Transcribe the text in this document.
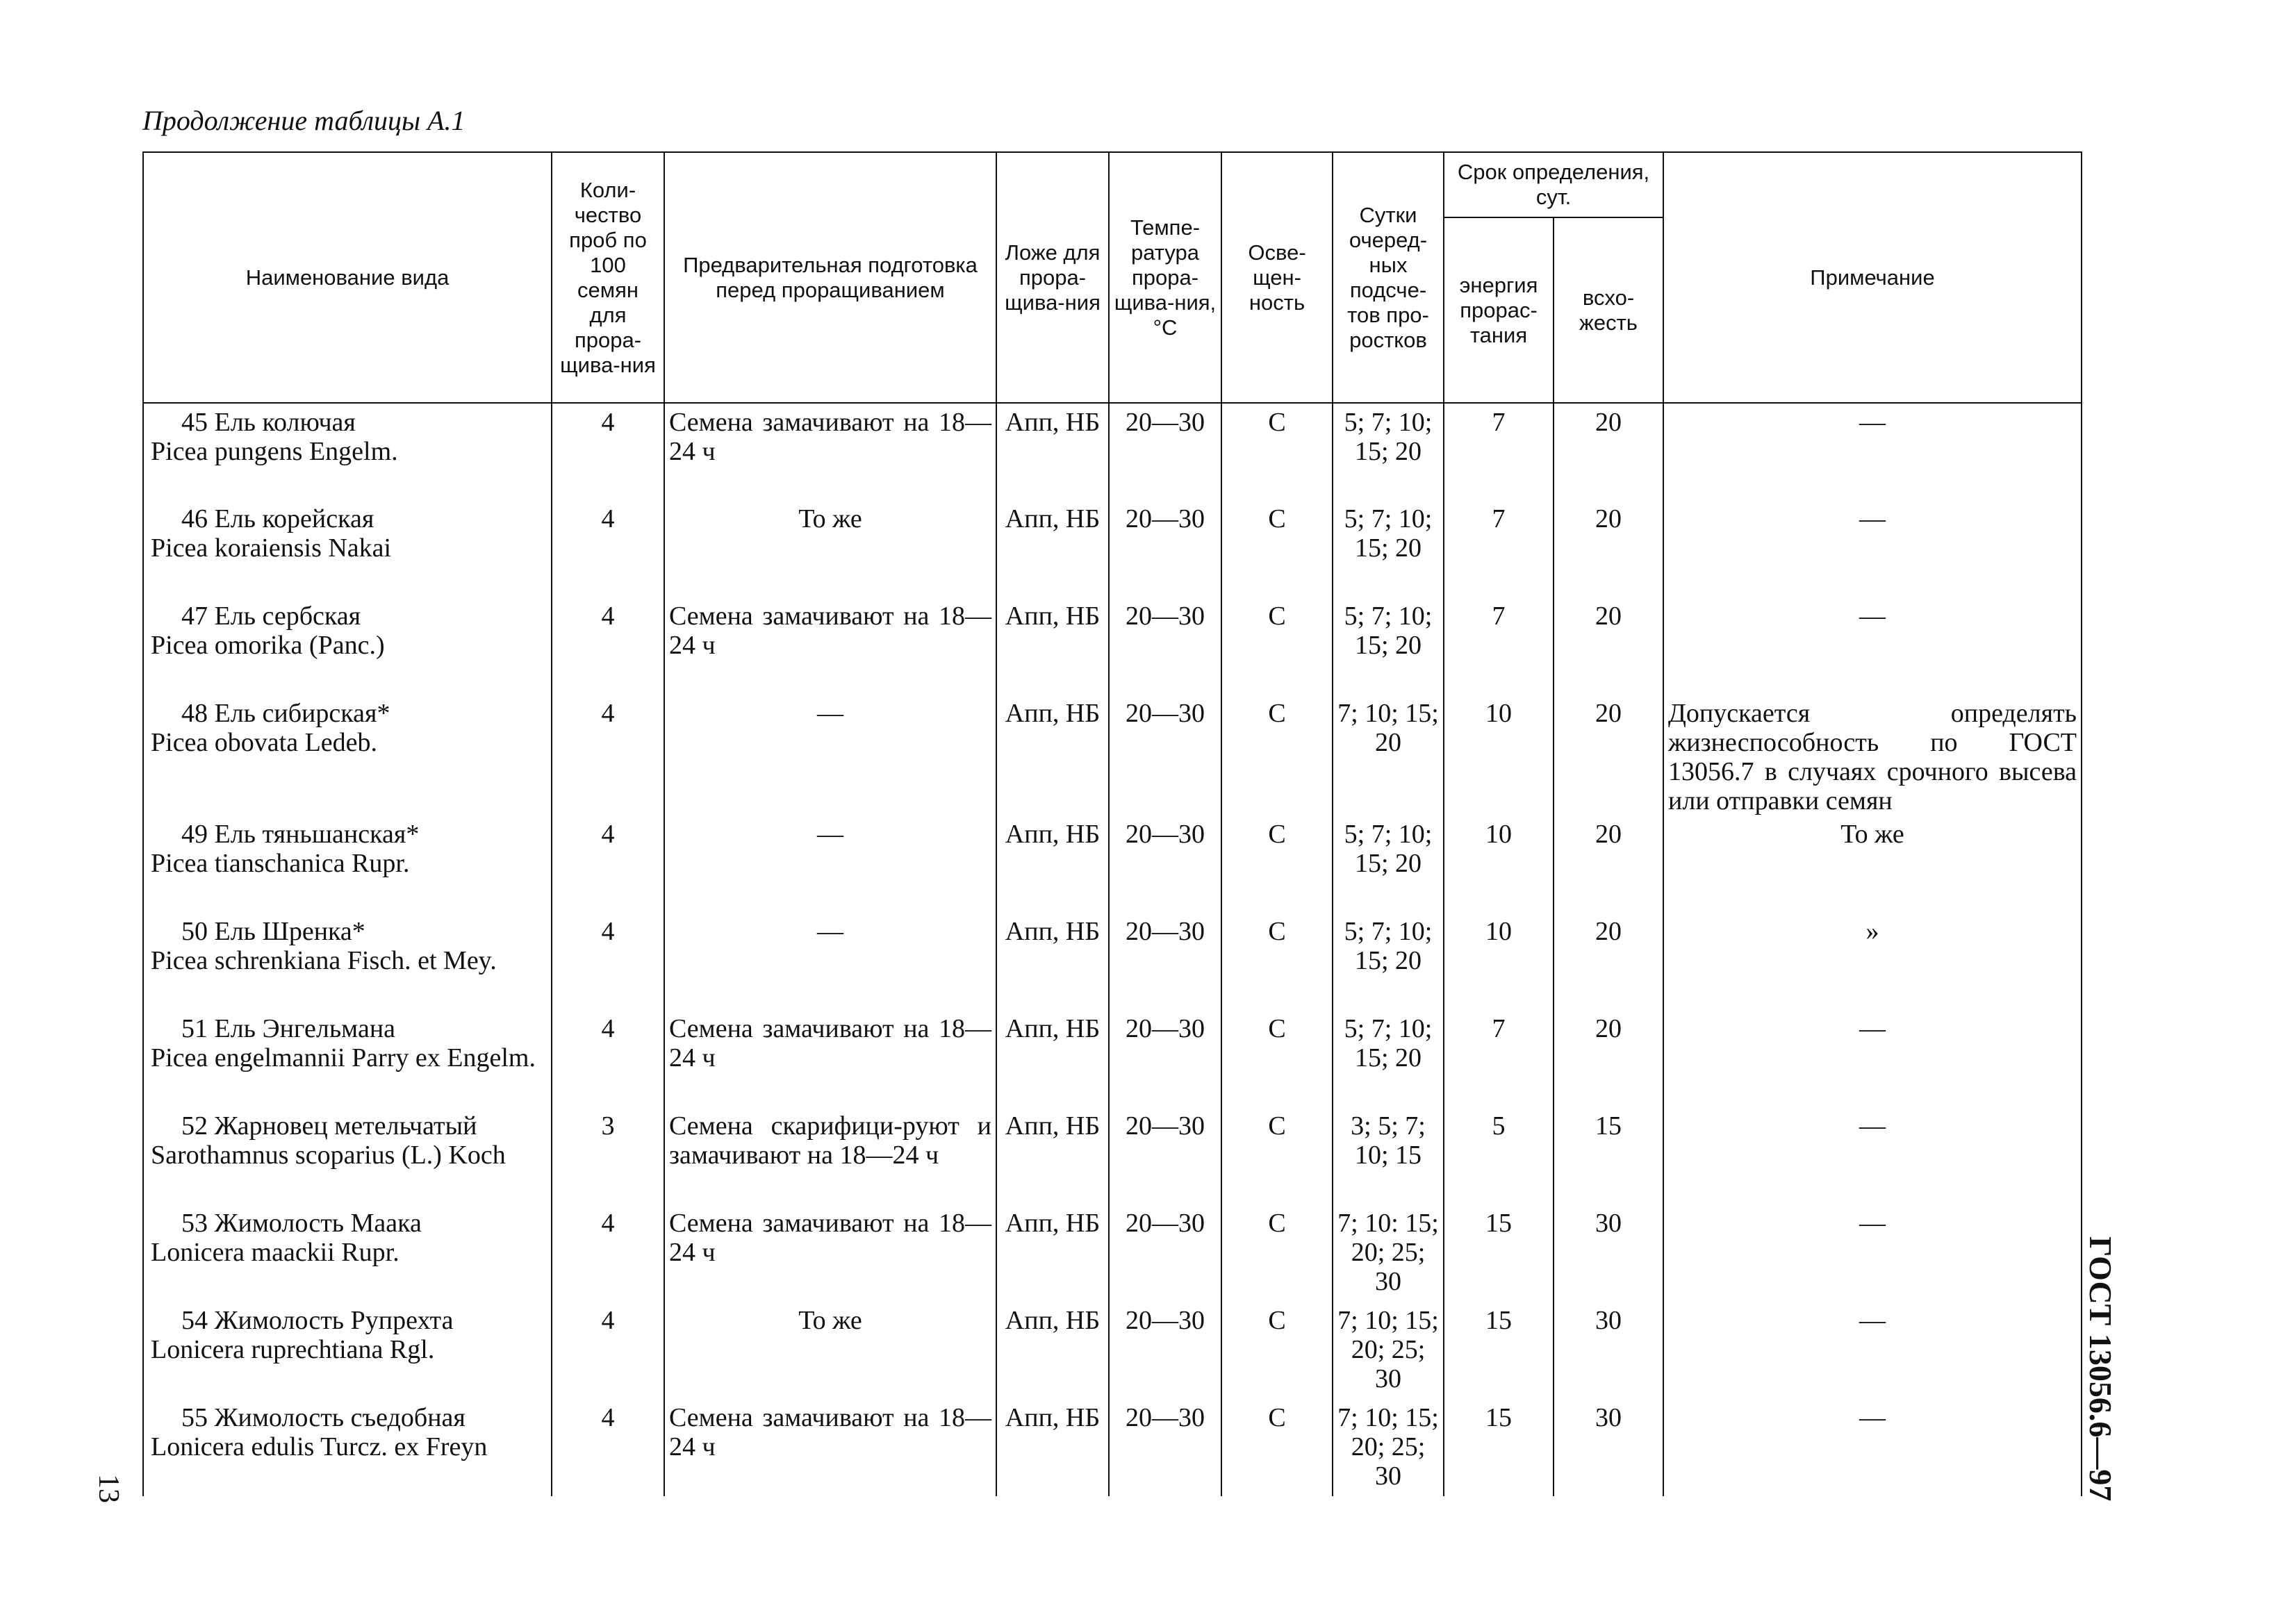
Продолжение таблицы А.1
Наименование вида	Коли-чество проб по 100 семян для прора-щива-ния	Предварительная подготовка перед проращиванием	Ложе для прора-щива-ния	Темпе-ратура прора-щива-ния, °С	Осве-щен-ность	Сутки очеред-ных подсче-тов про-ростков	Срок определения, сут.		Примечание
							энергия прорас-тания	всхо-жесть	

45 Ель колючая
Picea pungens Engelm.	4	Семена замачивают на 18—24 ч	Апп, НБ	20—30	С	5; 7; 10; 15; 20	7	20	—

46 Ель корейская
Picea koraiensis Nakai	4	То же	Апп, НБ	20—30	С	5; 7; 10; 15; 20	7	20	—

47 Ель сербская
Picea omorika (Panc.)	4	Семена замачивают на 18—24 ч	Апп, НБ	20—30	С	5; 7; 10; 15; 20	7	20	—

48 Ель сибирская*
Picea obovata Ledeb.	4	—	Апп, НБ	20—30	С	7; 10; 15; 20	10	20	Допускается определять жизнеспособность по ГОСТ 13056.7 в случаях срочного высева или отправки семян

49 Ель тяньшанская*
Picea tianschanica Rupr.	4	—	Апп, НБ	20—30	С	5; 7; 10; 15; 20	10	20	То же

50 Ель Шренка*
Picea schrenkiana Fisch. et Mey.	4	—	Апп, НБ	20—30	С	5; 7; 10; 15; 20	10	20	»

51 Ель Энгельмана
Picea engelmannii Parry ex Engelm.	4	Семена замачивают на 18—24 ч	Апп, НБ	20—30	С	5; 7; 10; 15; 20	7	20	—

52 Жарновец метельчатый
Sarothamnus scoparius (L.) Koch	3	Семена скарифици-руют и замачивают на 18—24 ч	Апп, НБ	20—30	С	3; 5; 7; 10; 15	5	15	—

53 Жимолость Маака
Lonicera maackii Rupr.	4	Семена замачивают на 18—24 ч	Апп, НБ	20—30	С	7; 10: 15; 20; 25; 30	15	30	—

54 Жимолость Рупрехта
Lonicera ruprechtiana Rgl.	4	То же	Апп, НБ	20—30	С	7; 10; 15; 20; 25; 30	15	30	—

55 Жимолость съедобная
Lonicera edulis Turcz. ex Freyn	4	Семена замачивают на 18—24 ч	Апп, НБ	20—30	С	7; 10; 15; 20; 25; 30	15	30	—	ГОСТ 13056.6—97
13
